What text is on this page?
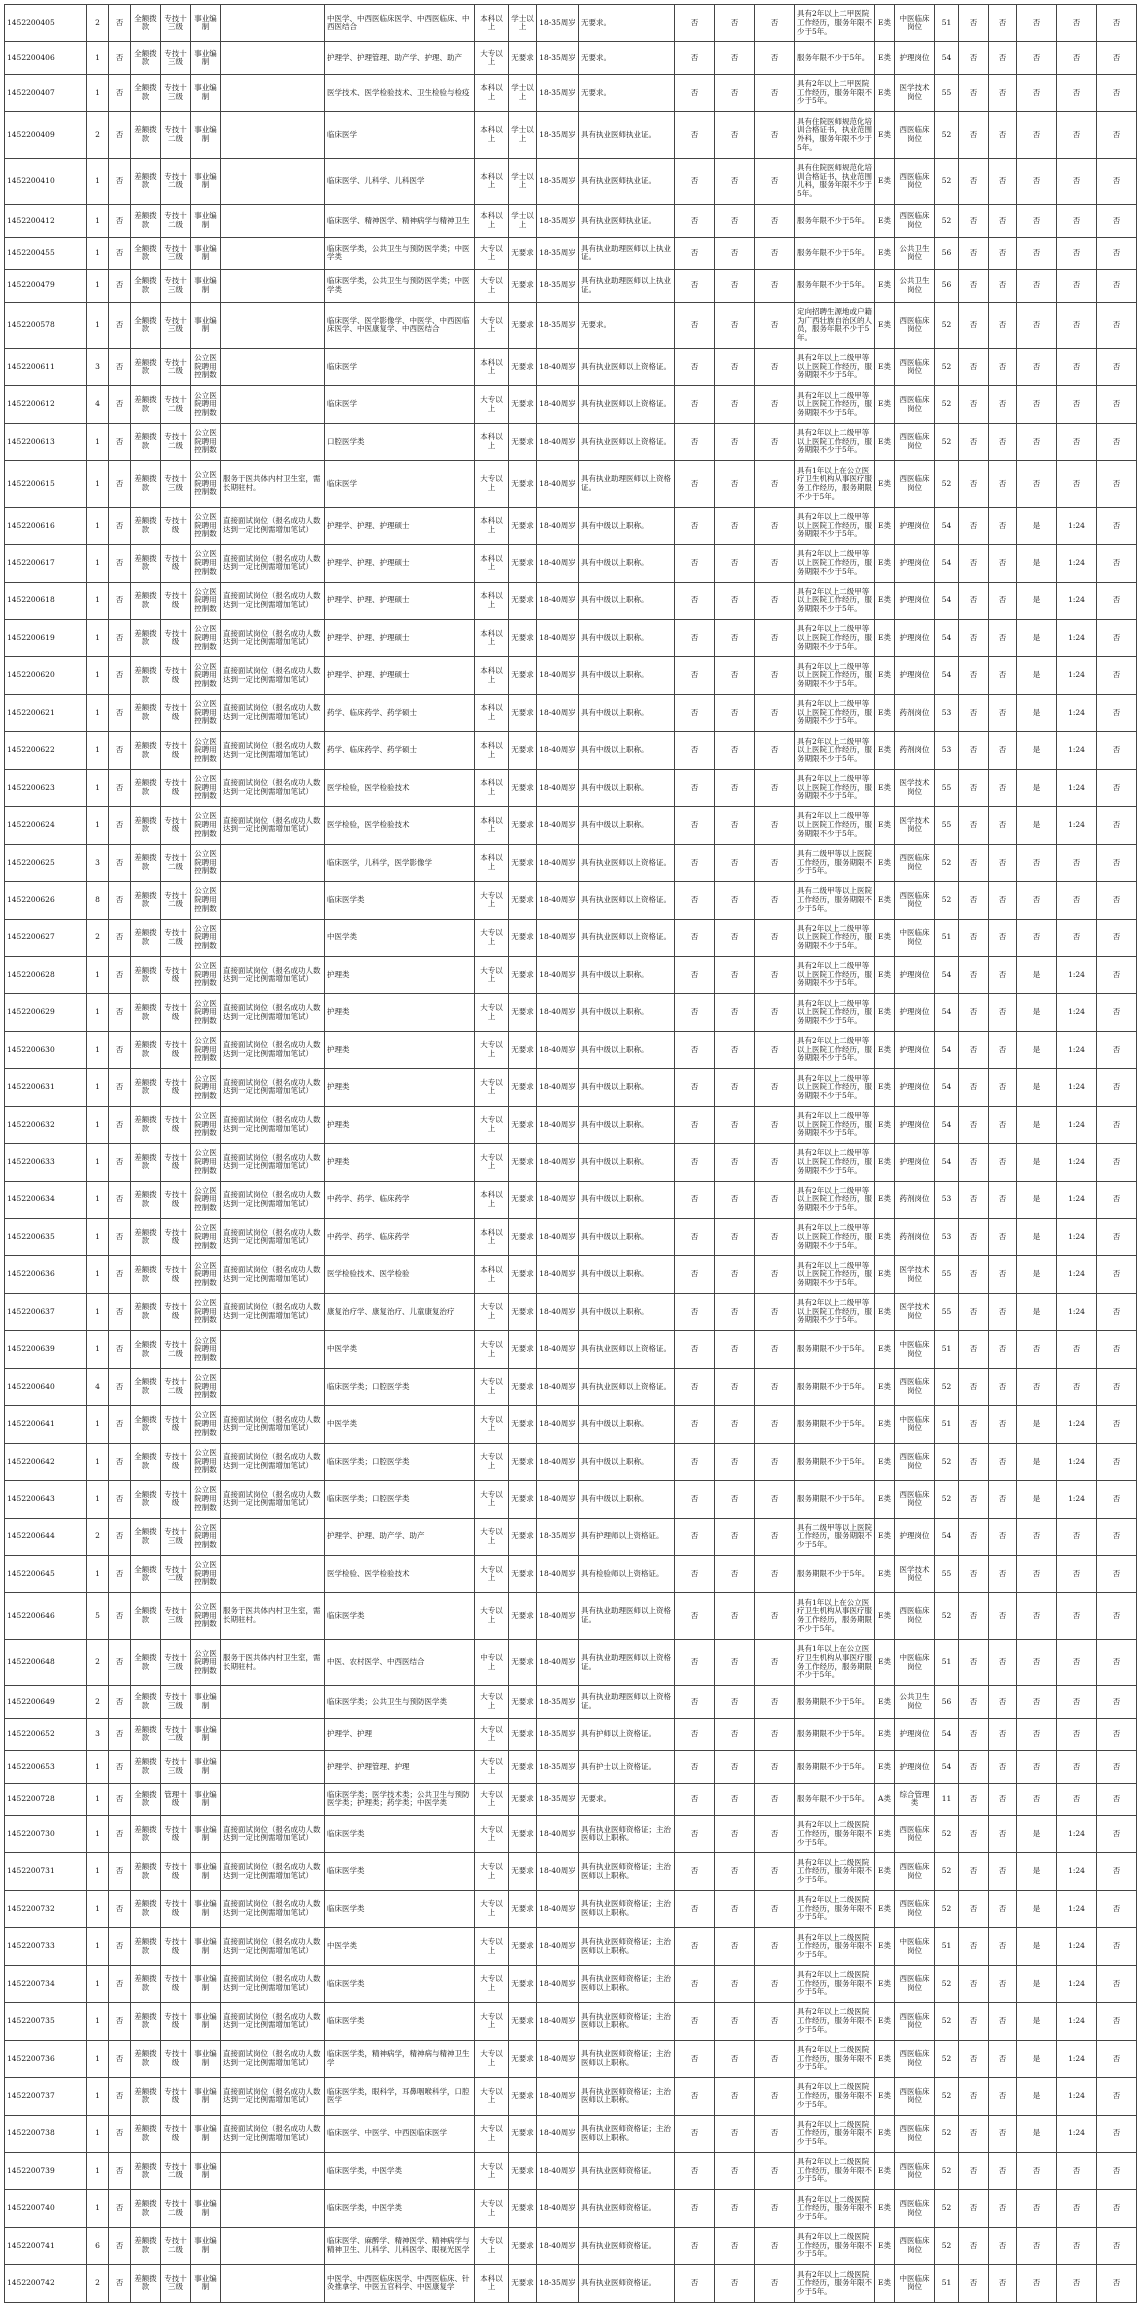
1452200405	2	否	全额拨款	专技十三级	事业编制		中医学、中西医临床医学、中西医临床、中西医结合	本科以上	学士以上	18-35周岁	无要求。	否	否	否	具有2年以上二甲医院工作经历，服务年限不少于5年。	E类	中医临床岗位	51	否	否	否	否	否
1452200406	1	否	全额拨款	专技十三级	事业编制		护理学、护理管理、助产学、护理、助产	大专以上	无要求	18-35周岁	无要求。	否	否	否	服务年限不少于5年。	E类	护理岗位	54	否	否	否	否	否
1452200407	1	否	全额拨款	专技十三级	事业编制		医学技术、医学检验技术、卫生检验与检疫	本科以上	学士以上	18-35周岁	无要求。	否	否	否	具有2年以上二甲医院工作经历，服务年限不少于5年。	E类	医学技术岗位	55	否	否	否	否	否
1452200409	2	否	差额拨款	专技十二级	事业编制		临床医学	本科以上	学士以上	18-35周岁	具有执业医师执业证。	否	否	否	具有住院医师规范化培训合格证书，执业范围外科，服务年限不少于5年。	E类	西医临床岗位	52	否	否	否	否	否
1452200410	1	否	差额拨款	专技十二级	事业编制		临床医学、儿科学、儿科医学	本科以上	学士以上	18-35周岁	具有执业医师执业证。	否	否	否	具有住院医师规范化培训合格证书，执业范围儿科，服务年限不少于5年。	E类	西医临床岗位	52	否	否	否	否	否
1452200412	1	否	差额拨款	专技十二级	事业编制		临床医学、精神医学、精神病学与精神卫生	本科以上	学士以上	18-35周岁	具有执业医师执业证。	否	否	否	服务年限不少于5年。	E类	西医临床岗位	52	否	否	否	否	否
1452200455	1	否	全额拨款	专技十三级	事业编制		临床医学类，公共卫生与预防医学类；中医学类	大专以上	无要求	18-35周岁	具有执业助理医师以上执业证。	否	否	否	服务年限不少于5年。	E类	公共卫生岗位	56	否	否	否	否	否
1452200479	1	否	全额拨款	专技十三级	事业编制		临床医学类，公共卫生与预防医学类；中医学类	大专以上	无要求	18-35周岁	具有执业助理医师以上执业证。	否	否	否	服务年限不少于5年。	E类	公共卫生岗位	56	否	否	否	否	否
1452200578	1	否	全额拨款	专技十三级	事业编制		临床医学、医学影像学、中医学、中西医临床医学、中医康复学、中西医结合	大专以上	无要求	18-35周岁	无要求。	否	否	否	定向招聘生源地或户籍为广西壮族自治区的人员，服务年限不少于5年。	E类	西医临床岗位	52	否	否	否	否	否
1452200611	3	否	差额拨款	专技十二级	公立医院聘用控制数		临床医学	本科以上	无要求	18-40周岁	具有执业医师以上资格证。	否	否	否	具有2年以上二级甲等以上医院工作经历，服务期限不少于5年。	E类	西医临床岗位	52	否	否	否	否	否
1452200612	4	否	差额拨款	专技十二级	公立医院聘用控制数		临床医学	大专以上	无要求	18-40周岁	具有执业医师以上资格证。	否	否	否	具有2年以上二级甲等以上医院工作经历，服务期限不少于5年。	E类	西医临床岗位	52	否	否	否	否	否
1452200613	1	否	差额拨款	专技十二级	公立医院聘用控制数		口腔医学类	本科以上	无要求	18-40周岁	具有执业医师以上资格证。	否	否	否	具有2年以上二级甲等以上医院工作经历，服务期限不少于5年。	E类	西医临床岗位	52	否	否	否	否	否
1452200615	1	否	差额拨款	专技十三级	公立医院聘用控制数	服务于医共体内村卫生室，需长期驻村。	临床医学	大专以上	无要求	18-40周岁	具有执业助理医师以上资格证。	否	否	否	具有1年以上在公立医疗卫生机构从事医疗服务工作经历，服务期限不少于5年。	E类	西医临床岗位	52	否	否	否	否	否
1452200616	1	否	差额拨款	专技十级	公立医院聘用控制数	直接面试岗位（报名成功人数达到一定比例需增加笔试）	护理学、护理、护理硕士	本科以上	无要求	18-40周岁	具有中级以上职称。	否	否	否	具有2年以上二级甲等以上医院工作经历，服务期限不少于5年。	E类	护理岗位	54	否	否	是	1:24	否
1452200617	1	否	差额拨款	专技十级	公立医院聘用控制数	直接面试岗位（报名成功人数达到一定比例需增加笔试）	护理学、护理、护理硕士	本科以上	无要求	18-40周岁	具有中级以上职称。	否	否	否	具有2年以上二级甲等以上医院工作经历，服务期限不少于5年。	E类	护理岗位	54	否	否	是	1:24	否
1452200618	1	否	差额拨款	专技十级	公立医院聘用控制数	直接面试岗位（报名成功人数达到一定比例需增加笔试）	护理学、护理、护理硕士	本科以上	无要求	18-40周岁	具有中级以上职称。	否	否	否	具有2年以上二级甲等以上医院工作经历，服务期限不少于5年。	E类	护理岗位	54	否	否	是	1:24	否
1452200619	1	否	差额拨款	专技十级	公立医院聘用控制数	直接面试岗位（报名成功人数达到一定比例需增加笔试）	护理学、护理、护理硕士	本科以上	无要求	18-40周岁	具有中级以上职称。	否	否	否	具有2年以上二级甲等以上医院工作经历，服务期限不少于5年。	E类	护理岗位	54	否	否	是	1:24	否
1452200620	1	否	差额拨款	专技十级	公立医院聘用控制数	直接面试岗位（报名成功人数达到一定比例需增加笔试）	护理学、护理、护理硕士	本科以上	无要求	18-40周岁	具有中级以上职称。	否	否	否	具有2年以上二级甲等以上医院工作经历，服务期限不少于5年。	E类	护理岗位	54	否	否	是	1:24	否
1452200621	1	否	差额拨款	专技十级	公立医院聘用控制数	直接面试岗位（报名成功人数达到一定比例需增加笔试）	药学、临床药学、药学硕士	本科以上	无要求	18-40周岁	具有中级以上职称。	否	否	否	具有2年以上二级甲等以上医院工作经历，服务期限不少于5年。	E类	药剂岗位	53	否	否	是	1:24	否
1452200622	1	否	差额拨款	专技十级	公立医院聘用控制数	直接面试岗位（报名成功人数达到一定比例需增加笔试）	药学、临床药学、药学硕士	本科以上	无要求	18-40周岁	具有中级以上职称。	否	否	否	具有2年以上二级甲等以上医院工作经历，服务期限不少于5年。	E类	药剂岗位	53	否	否	是	1:24	否
1452200623	1	否	差额拨款	专技十级	公立医院聘用控制数	直接面试岗位（报名成功人数达到一定比例需增加笔试）	医学检验，医学检验技术	本科以上	无要求	18-40周岁	具有中级以上职称。	否	否	否	具有2年以上二级甲等以上医院工作经历，服务期限不少于5年。	E类	医学技术岗位	55	否	否	是	1:24	否
1452200624	1	否	差额拨款	专技十级	公立医院聘用控制数	直接面试岗位（报名成功人数达到一定比例需增加笔试）	医学检验，医学检验技术	本科以上	无要求	18-40周岁	具有中级以上职称。	否	否	否	具有2年以上二级甲等以上医院工作经历，服务期限不少于5年。	E类	医学技术岗位	55	否	否	是	1:24	否
1452200625	3	否	差额拨款	专技十二级	公立医院聘用控制数		临床医学，儿科学，医学影像学	本科以上	无要求	18-40周岁	具有执业医师以上资格证。	否	否	否	具有二级甲等以上医院工作经历，服务期限不少于5年。	E类	西医临床岗位	52	否	否	否	否	否
1452200626	8	否	差额拨款	专技十二级	公立医院聘用控制数		临床医学类	大专以上	无要求	18-40周岁	具有执业医师以上资格证。	否	否	否	具有二级甲等以上医院工作经历，服务期限不少于5年。	E类	西医临床岗位	52	否	否	否	否	否
1452200627	2	否	差额拨款	专技十二级	公立医院聘用控制数		中医学类	大专以上	无要求	18-40周岁	具有执业医师以上资格证。	否	否	否	具有2年以上二级甲等以上医院工作经历，服务期限不少于5年。	E类	中医临床岗位	51	否	否	否	否	否
1452200628	1	否	差额拨款	专技十级	公立医院聘用控制数	直接面试岗位（报名成功人数达到一定比例需增加笔试）	护理类	大专以上	无要求	18-40周岁	具有中级以上职称。	否	否	否	具有2年以上二级甲等以上医院工作经历，服务期限不少于5年。	E类	护理岗位	54	否	否	是	1:24	否
1452200629	1	否	差额拨款	专技十级	公立医院聘用控制数	直接面试岗位（报名成功人数达到一定比例需增加笔试）	护理类	大专以上	无要求	18-40周岁	具有中级以上职称。	否	否	否	具有2年以上二级甲等以上医院工作经历，服务期限不少于5年。	E类	护理岗位	54	否	否	是	1:24	否
1452200630	1	否	差额拨款	专技十级	公立医院聘用控制数	直接面试岗位（报名成功人数达到一定比例需增加笔试）	护理类	大专以上	无要求	18-40周岁	具有中级以上职称。	否	否	否	具有2年以上二级甲等以上医院工作经历，服务期限不少于5年。	E类	护理岗位	54	否	否	是	1:24	否
1452200631	1	否	差额拨款	专技十级	公立医院聘用控制数	直接面试岗位（报名成功人数达到一定比例需增加笔试）	护理类	大专以上	无要求	18-40周岁	具有中级以上职称。	否	否	否	具有2年以上二级甲等以上医院工作经历，服务期限不少于5年。	E类	护理岗位	54	否	否	是	1:24	否
1452200632	1	否	差额拨款	专技十级	公立医院聘用控制数	直接面试岗位（报名成功人数达到一定比例需增加笔试）	护理类	大专以上	无要求	18-40周岁	具有中级以上职称。	否	否	否	具有2年以上二级甲等以上医院工作经历，服务期限不少于5年。	E类	护理岗位	54	否	否	是	1:24	否
1452200633	1	否	差额拨款	专技十级	公立医院聘用控制数	直接面试岗位（报名成功人数达到一定比例需增加笔试）	护理类	大专以上	无要求	18-40周岁	具有中级以上职称。	否	否	否	具有2年以上二级甲等以上医院工作经历，服务期限不少于5年。	E类	护理岗位	54	否	否	是	1:24	否
1452200634	1	否	差额拨款	专技十级	公立医院聘用控制数	直接面试岗位（报名成功人数达到一定比例需增加笔试）	中药学、药学、临床药学	本科以上	无要求	18-40周岁	具有中级以上职称。	否	否	否	具有2年以上二级甲等以上医院工作经历，服务期限不少于5年。	E类	药剂岗位	53	否	否	是	1:24	否
1452200635	1	否	差额拨款	专技十级	公立医院聘用控制数	直接面试岗位（报名成功人数达到一定比例需增加笔试）	中药学、药学、临床药学	本科以上	无要求	18-40周岁	具有中级以上职称。	否	否	否	具有2年以上二级甲等以上医院工作经历，服务期限不少于5年。	E类	药剂岗位	53	否	否	是	1:24	否
1452200636	1	否	差额拨款	专技十级	公立医院聘用控制数	直接面试岗位（报名成功人数达到一定比例需增加笔试）	医学检验技术、医学检验	本科以上	无要求	18-40周岁	具有中级以上职称。	否	否	否	具有2年以上二级甲等以上医院工作经历，服务期限不少于5年。	E类	医学技术岗位	55	否	否	是	1:24	否
1452200637	1	否	差额拨款	专技十级	公立医院聘用控制数	直接面试岗位（报名成功人数达到一定比例需增加笔试）	康复治疗学、康复治疗、儿童康复治疗	大专以上	无要求	18-40周岁	具有中级以上职称。	否	否	否	具有2年以上二级甲等以上医院工作经历，服务期限不少于5年。	E类	医学技术岗位	55	否	否	是	1:24	否
1452200639	1	否	全额拨款	专技十二级	公立医院聘用控制数		中医学类	大专以上	无要求	18-40周岁	具有执业医师以上资格证。	否	否	否	服务期限不少于5年。	E类	中医临床岗位	51	否	否	否	否	否
1452200640	4	否	全额拨款	专技十二级	公立医院聘用控制数		临床医学类；口腔医学类	大专以上	无要求	18-40周岁	具有执业医师以上资格证。	否	否	否	服务期限不少于5年。	E类	西医临床岗位	52	否	否	否	否	否
1452200641	1	否	全额拨款	专技十级	公立医院聘用控制数	直接面试岗位（报名成功人数达到一定比例需增加笔试）	中医学类	大专以上	无要求	18-40周岁	具有中级以上职称。	否	否	否	服务期限不少于5年。	E类	中医临床岗位	51	否	否	是	1:24	否
1452200642	1	否	全额拨款	专技十级	公立医院聘用控制数	直接面试岗位（报名成功人数达到一定比例需增加笔试）	临床医学类；口腔医学类	大专以上	无要求	18-40周岁	具有中级以上职称。	否	否	否	服务期限不少于5年。	E类	西医临床岗位	52	否	否	是	1:24	否
1452200643	1	否	全额拨款	专技十级	公立医院聘用控制数	直接面试岗位（报名成功人数达到一定比例需增加笔试）	临床医学类；口腔医学类	大专以上	无要求	18-40周岁	具有中级以上职称。	否	否	否	服务期限不少于5年。	E类	西医临床岗位	52	否	否	是	1:24	否
1452200644	2	否	全额拨款	专技十三级	公立医院聘用控制数		护理学、护理、助产学、助产	大专以上	无要求	18-35周岁	具有护理师以上资格证。	否	否	否	具有二级甲等以上医院工作经历，服务期限不少于5年。	E类	护理岗位	54	否	否	否	否	否
1452200645	1	否	全额拨款	专技十二级	公立医院聘用控制数		医学检验、医学检验技术	大专以上	无要求	18-40周岁	具有检验师以上资格证。	否	否	否	服务期限不少于5年。	E类	医学技术岗位	55	否	否	否	否	否
1452200646	5	否	全额拨款	专技十三级	公立医院聘用控制数	服务于医共体内村卫生室，需长期驻村。	临床医学类	大专以上	无要求	18-40周岁	具有执业助理医师以上资格证。	否	否	否	具有1年以上在公立医疗卫生机构从事医疗服务工作经历，服务期限不少于5年。	E类	西医临床岗位	52	否	否	否	否	否
1452200648	2	否	全额拨款	专技十三级	公立医院聘用控制数	服务于医共体内村卫生室，需长期驻村。	中医、农村医学、中西医结合	中专以上	无要求	18-40周岁	具有执业助理医师以上资格证。	否	否	否	具有1年以上在公立医疗卫生机构从事医疗服务工作经历，服务期限不少于5年。	E类	中医临床岗位	51	否	否	否	否	否
1452200649	2	否	全额拨款	专技十三级	事业编制		临床医学类；公共卫生与预防医学类	大专以上	无要求	18-35周岁	具有执业助理医师以上资格证。	否	否	否	服务期限不少于5年。	E类	公共卫生岗位	56	否	否	否	否	否
1452200652	3	否	差额拨款	专技十二级	事业编制		护理学、护理	大专以上	无要求	18-35周岁	具有护师以上资格证。	否	否	否	服务期限不少于5年。	E类	护理岗位	54	否	否	否	否	否
1452200653	1	否	差额拨款	专技十三级	事业编制		护理学、护理管理、护理	大专以上	无要求	18-35周岁	具有护士以上资格证。	否	否	否	服务期限不少于5年。	E类	护理岗位	54	否	否	否	否	否
1452200728	1	否	全额拨款	管理十级	事业编制		临床医学类；医学技术类；公共卫生与预防医学类；护理类；药学类；中医学类	大专以上	无要求	18-35周岁	无要求。	否	否	否	服务年限不少于5年。	A类	综合管理类	11	否	否	否	否	否
1452200730	1	否	差额拨款	专技十级	事业编制	直接面试岗位（报名成功人数达到一定比例需增加笔试）	临床医学类	大专以上	无要求	18-40周岁	具有执业医师资格证；主治医师以上职称。	否	否	否	具有2年以上二级医院工作经历，服务年限不少于5年。	E类	西医临床岗位	52	否	否	是	1:24	否
1452200731	1	否	差额拨款	专技十级	事业编制	直接面试岗位（报名成功人数达到一定比例需增加笔试）	临床医学类	大专以上	无要求	18-40周岁	具有执业医师资格证；主治医师以上职称。	否	否	否	具有2年以上二级医院工作经历，服务年限不少于5年。	E类	西医临床岗位	52	否	否	是	1:24	否
1452200732	1	否	差额拨款	专技十级	事业编制	直接面试岗位（报名成功人数达到一定比例需增加笔试）	临床医学类	大专以上	无要求	18-40周岁	具有执业医师资格证；主治医师以上职称。	否	否	否	具有2年以上二级医院工作经历，服务年限不少于5年。	E类	西医临床岗位	52	否	否	是	1:24	否
1452200733	1	否	差额拨款	专技十级	事业编制	直接面试岗位（报名成功人数达到一定比例需增加笔试）	中医学类	大专以上	无要求	18-40周岁	具有执业医师资格证；主治医师以上职称。	否	否	否	具有2年以上二级医院工作经历，服务年限不少于5年。	E类	中医临床岗位	51	否	否	是	1:24	否
1452200734	1	否	差额拨款	专技十级	事业编制	直接面试岗位（报名成功人数达到一定比例需增加笔试）	临床医学类	大专以上	无要求	18-40周岁	具有执业医师资格证；主治医师以上职称。	否	否	否	具有2年以上二级医院工作经历，服务年限不少于5年。	E类	西医临床岗位	52	否	否	是	1:24	否
1452200735	1	否	差额拨款	专技十级	事业编制	直接面试岗位（报名成功人数达到一定比例需增加笔试）	临床医学类	大专以上	无要求	18-40周岁	具有执业医师资格证；主治医师以上职称。	否	否	否	具有2年以上二级医院工作经历，服务年限不少于5年。	E类	西医临床岗位	52	否	否	是	1:24	否
1452200736	1	否	差额拨款	专技十级	事业编制	直接面试岗位（报名成功人数达到一定比例需增加笔试）	临床医学类，精神病学，精神病与精神卫生学	大专以上	无要求	18-40周岁	具有执业医师资格证；主治医师以上职称。	否	否	否	具有2年以上二级医院工作经历，服务年限不少于5年。	E类	西医临床岗位	52	否	否	是	1:24	否
1452200737	1	否	差额拨款	专技十级	事业编制	直接面试岗位（报名成功人数达到一定比例需增加笔试）	临床医学类，眼科学，耳鼻咽喉科学，口腔医学	大专以上	无要求	18-40周岁	具有执业医师资格证；主治医师以上职称。	否	否	否	具有2年以上二级医院工作经历，服务年限不少于5年。	E类	西医临床岗位	52	否	否	是	1:24	否
1452200738	1	否	差额拨款	专技十级	事业编制	直接面试岗位（报名成功人数达到一定比例需增加笔试）	临床医学、中医学、中西医临床医学	大专以上	无要求	18-40周岁	具有执业医师资格证；主治医师以上职称。	否	否	否	具有2年以上二级医院工作经历，服务年限不少于5年。	E类	西医临床岗位	52	否	否	是	1:24	否
1452200739	1	否	差额拨款	专技十二级	事业编制		临床医学类，中医学类	大专以上	无要求	18-40周岁	具有执业医师资格证。	否	否	否	具有2年以上二级医院工作经历，服务年限不少于5年。	E类	西医临床岗位	52	否	否	否	否	否
1452200740	1	否	差额拨款	专技十二级	事业编制		临床医学类，中医学类	大专以上	无要求	18-40周岁	具有执业医师资格证。	否	否	否	具有2年以上二级医院工作经历，服务年限不少于5年。	E类	西医临床岗位	52	否	否	否	否	否
1452200741	6	否	差额拨款	专技十二级	事业编制		临床医学、麻醉学、精神医学、精神病学与精神卫生、儿科学、儿科医学、眼视光医学	大专以上	无要求	18-40周岁	具有执业医师资格证。	否	否	否	具有2年以上二级医院工作经历，服务年限不少于5年。	E类	西医临床岗位	52	否	否	否	否	否
1452200742	2	否	差额拨款	专技十三级	事业编制		中医学、中西医临床医学、中西医临床、针灸推拿学、中医五官科学、中医康复学	本科以上	无要求	18-35周岁	具有执业医师资格证。	否	否	否	具有2年以上二级医院工作经历，服务年限不少于5年。	E类	中医临床岗位	51	否	否	否	否	否
